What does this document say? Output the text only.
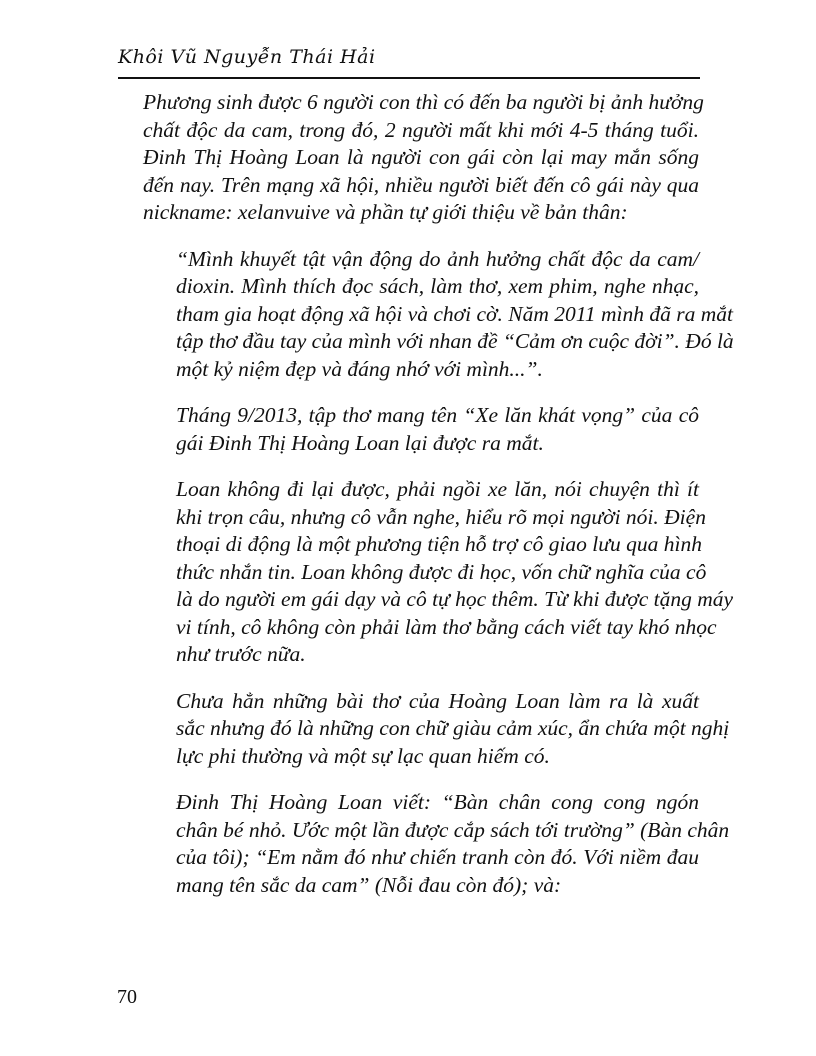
Khôi Vũ Nguyễn Thái Hải

Phương sinh được 6 người con thì có đến ba người bị ảnh hưởng
chất độc da cam, trong đó, 2 người mất khi mới 4-5 tháng tuổi.
Đinh Thị Hoàng Loan là người con gái còn lại may mắn sống
đến nay. Trên mạng xã hội, nhiều người biết đến cô gái này qua
nickname: xelanvuive và phần tự giới thiệu về bản thân:

“Mình khuyết tật vận động do ảnh hưởng chất độc da cam/
dioxin. Mình thích đọc sách, làm thơ, xem phim, nghe nhạc,
tham gia hoạt động xã hội và chơi cờ. Năm 2011 mình đã ra mắt
tập thơ đầu tay của mình với nhan đề “Cảm ơn cuộc đời”. Đó là
một kỷ niệm đẹp và đáng nhớ với mình...”.

Tháng 9/2013, tập thơ mang tên “Xe lăn khát vọng” của cô
gái Đinh Thị Hoàng Loan lại được ra mắt.

Loan không đi lại được, phải ngồi xe lăn, nói chuyện thì ít
khi trọn câu, nhưng cô vẫn nghe, hiểu rõ mọi người nói. Điện
thoại di động là một phương tiện hỗ trợ cô giao lưu qua hình
thức nhắn tin. Loan không được đi học, vốn chữ nghĩa của cô
là do người em gái dạy và cô tự học thêm. Từ khi được tặng máy
vi tính, cô không còn phải làm thơ bằng cách viết tay khó nhọc
như trước nữa.

Chưa hẳn những bài thơ của Hoàng Loan làm ra là xuất
sắc nhưng đó là những con chữ giàu cảm xúc, ẩn chứa một nghị
lực phi thường và một sự lạc quan hiếm có.

Đinh Thị Hoàng Loan viết: “Bàn chân cong cong ngón
chân bé nhỏ. Ước một lần được cắp sách tới trường” (Bàn chân
của tôi); “Em nằm đó như chiến tranh còn đó. Với niềm đau
mang tên sắc da cam” (Nỗi đau còn đó); và:

70
